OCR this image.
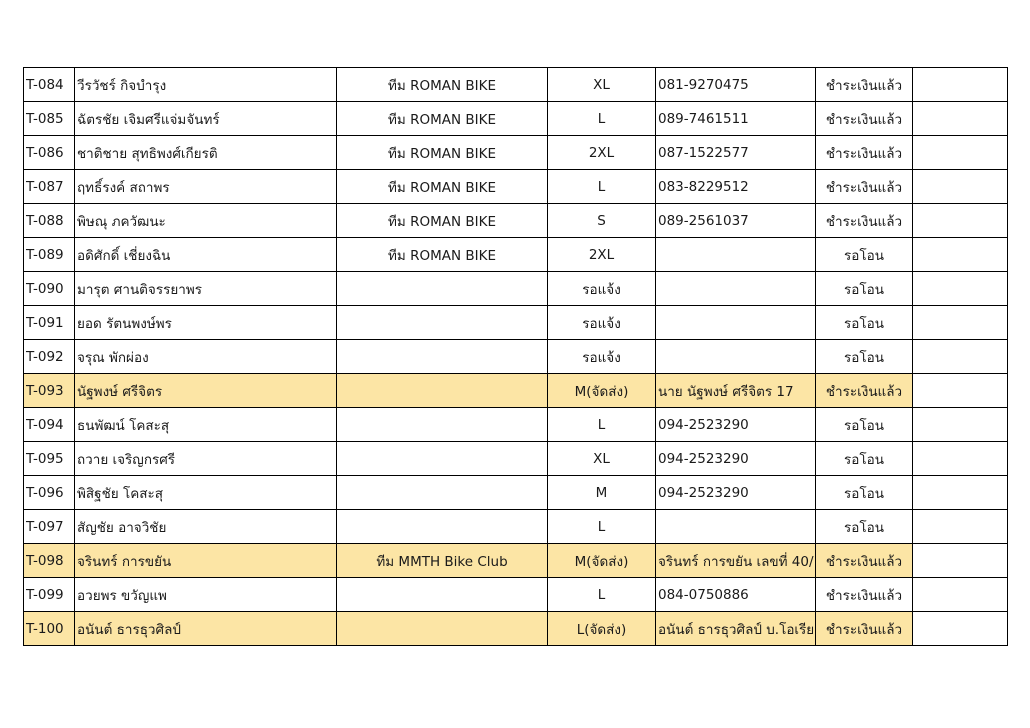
T-084	วีรวัชร์ กิจบำรุง	ทีม ROMAN BIKE	XL	081-9270475	ชำระเงินแล้ว	
T-085	ฉัตรชัย เจิมศรีแจ่มจันทร์	ทีม ROMAN BIKE	L	089-7461511	ชำระเงินแล้ว	
T-086	ชาติชาย สุทธิพงศ์เกียรติ	ทีม ROMAN BIKE	2XL	087-1522577	ชำระเงินแล้ว	
T-087	ฤทธิ์รงค์ สถาพร	ทีม ROMAN BIKE	L	083-8229512	ชำระเงินแล้ว	
T-088	พิษณุ ภควัฒนะ	ทีม ROMAN BIKE	S	089-2561037	ชำระเงินแล้ว	
T-089	อดิศักดิ์ เชี่ยงฉิน	ทีม ROMAN BIKE	2XL		รอโอน	
T-090	มารุต ศานติจรรยาพร		รอแจ้ง		รอโอน	
T-091	ยอด รัตนพงษ์พร		รอแจ้ง		รอโอน	
T-092	จรุณ พักผ่อง		รอแจ้ง		รอโอน	
T-093	นัฐพงษ์ ศรีจิตร		M(จัดส่ง)	นาย นัฐพงษ์ ศรีจิตร 17	ชำระเงินแล้ว	
T-094	ธนพัฒน์ โคสะสุ		L	094-2523290	รอโอน	
T-095	ถวาย เจริญกรศรี		XL	094-2523290	รอโอน	
T-096	พิสิฐชัย โคสะสุ		M	094-2523290	รอโอน	
T-097	สัญชัย อาจวิชัย		L		รอโอน	
T-098	จรินทร์ การขยัน	ทีม MMTH Bike Club	M(จัดส่ง)	จรินทร์ การขยัน เลขที่ 40/	ชำระเงินแล้ว	
T-099	อวยพร ขวัญแพ		L	084-0750886	ชำระเงินแล้ว	
T-100	อนันต์ ธารธุวศิลป์		L(จัดส่ง)	อนันต์ ธารธุวศิลป์ บ.โอเรีย	ชำระเงินแล้ว	
